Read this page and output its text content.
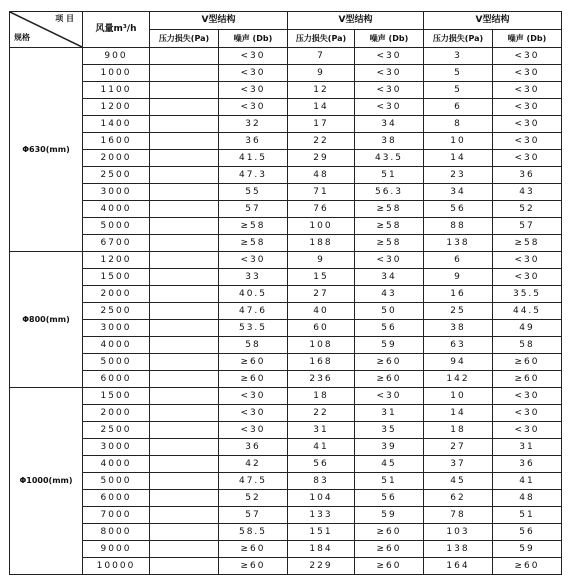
项 目
规格	风量m³/h	V型结构		V型结构		V型结构	
		压力损失(Pa)	噪声 (Db)	压力损失(Pa)	噪声 (Db)	压力损失(Pa)	噪声 (Db)
Φ630(mm)	900		<30	7	<30	3	<30
	1000		<30	9	<30	5	<30
	1100		<30	12	<30	5	<30
	1200		<30	14	<30	6	<30
	1400		32	17	34	8	<30
	1600		36	22	38	10	<30
	2000		41.5	29	43.5	14	<30
	2500		47.3	48	51	23	36
	3000		55	71	56.3	34	43
	4000		57	76	≥58	56	52
	5000		≥58	100	≥58	88	57
	6700		≥58	188	≥58	138	≥58
Φ800(mm)	1200		<30	9	<30	6	<30
	1500		33	15	34	9	<30
	2000		40.5	27	43	16	35.5
	2500		47.6	40	50	25	44.5
	3000		53.5	60	56	38	49
	4000		58	108	59	63	58
	5000		≥60	168	≥60	94	≥60
	6000		≥60	236	≥60	142	≥60
Φ1000(mm)	1500		<30	18	<30	10	<30
	2000		<30	22	31	14	<30
	2500		<30	31	35	18	<30
	3000		36	41	39	27	31
	4000		42	56	45	37	36
	5000		47.5	83	51	45	41
	6000		52	104	56	62	48
	7000		57	133	59	78	51
	8000		58.5	151	≥60	103	56
	9000		≥60	184	≥60	138	59
	10000		≥60	229	≥60	164	≥60
